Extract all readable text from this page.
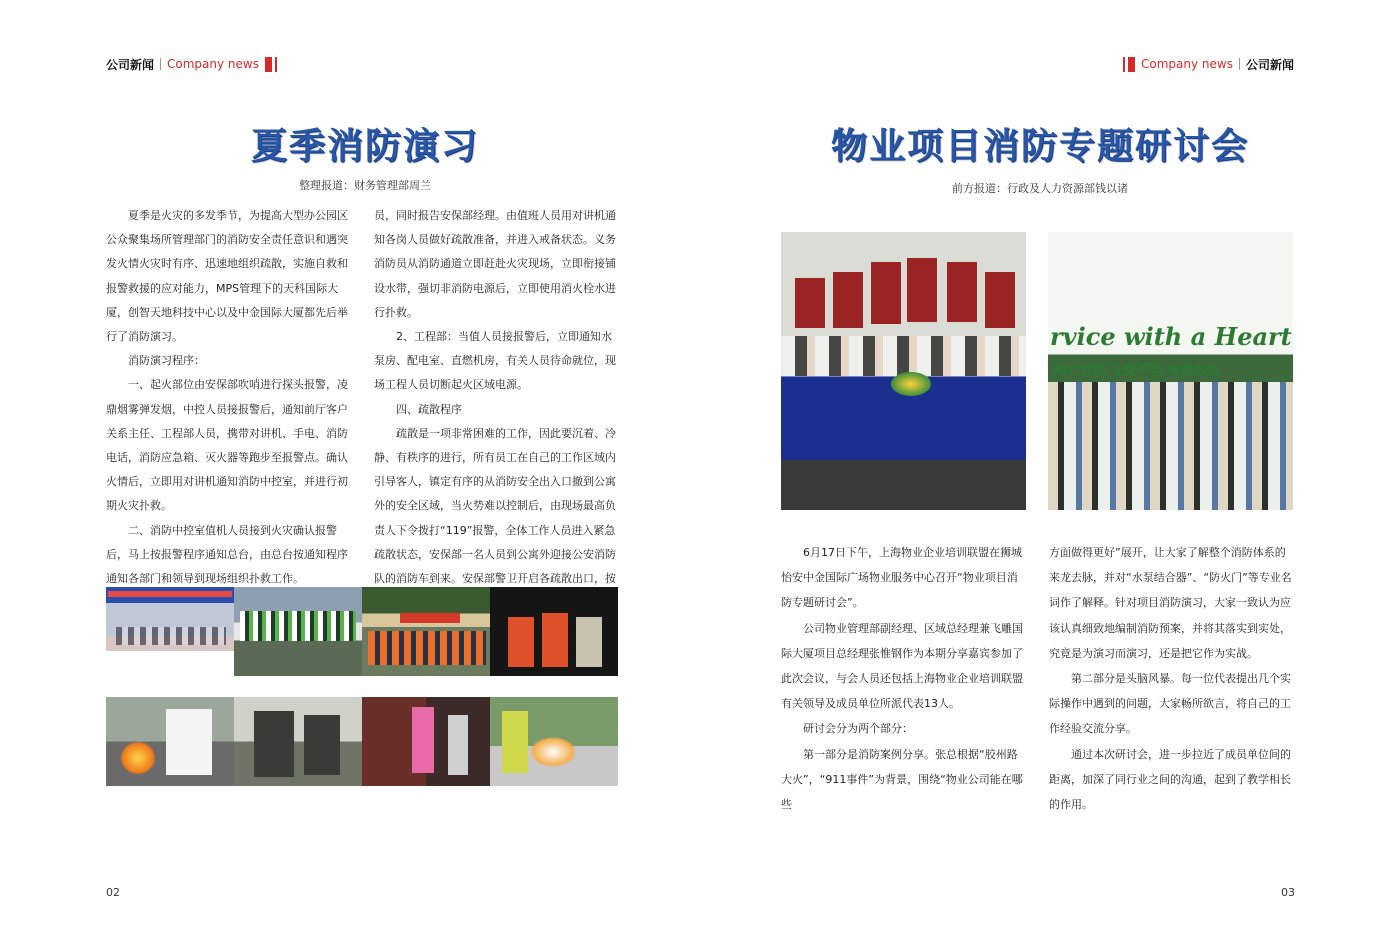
公司新闻 Company news	Company news 公司新闻
夏季消防演习
整理报道：财务管理部周兰
物业项目消防专题研讨会
前方报道：行政及人力资源部钱以诸

夏季是火灾的多发季节，为提高大型办公园区公众聚集场所管理部门的消防安全责任意识和遇突发火情火灾时有序、迅速地组织疏散，实施自救和报警救援的应对能力，MPS管理下的天科国际大厦，创智天地科技中心以及中金国际大厦都先后举行了消防演习。

消防演习程序：

一、起火部位由安保部吹哨进行探头报警，凌鼎烟雾弹发烟，中控人员接报警后，通知前厅客户关系主任、工程部人员，携带对讲机、手电、消防电话，消防应急箱、灭火器等跑步至报警点。确认火情后，立即用对讲机通知消防中控室，并进行初期火灾扑救。

二、消防中控室值机人员接到火灾确认报警后，马上按报警程序通知总台，由总台按通知程序通知各部门和领导到现场组织扑救工作。

员，同时报告安保部经理。由值班人员用对讲机通知各岗人员做好疏散准备，并进入戒备状态。义务消防员从消防通道立即赶赴火灾现场，立即衔接铺设水带，强切非消防电源后，立即使用消火栓水进行扑救。

2、工程部：当值人员接报警后，立即通知水泵房、配电室、直燃机房，有关人员待命就位，现场工程人员切断起火区域电源。

四、疏散程序

疏散是一项非常困难的工作，因此要沉着、冷静、有秩序的进行，所有员工在自己的工作区域内引导客人，镇定有序的从消防安全出入口撤到公寓外的安全区域，当火势难以控制后，由现场最高负责人下令拨打“119”报警，全体工作人员进入紧急疏散状态，安保部一名人员到公寓外迎接公安消防队的消防车到来。安保部警卫开启各疏散出口，按

rvice with a Heart
用心发现 无微不至 尽善尽美

6月17日下午，上海物业企业培训联盟在狮城怡安中金国际广场物业服务中心召开“物业项目消防专题研讨会”。

公司物业管理部副经理、区域总经理兼飞雕国际大厦项目总经理张惟钢作为本期分享嘉宾参加了此次会议，与会人员还包括上海物业企业培训联盟有关领导及成员单位所派代表13人。

研讨会分为两个部分：

第一部分是消防案例分享。张总根据“胶州路大火”，“911事件”为背景，围绕“物业公司能在哪些

方面做得更好”展开，让大家了解整个消防体系的来龙去脉，并对“水泵结合器”、“防火门”等专业名词作了解释。针对项目消防演习，大家一致认为应该认真细致地编制消防预案，并将其落实到实处，究竟是为演习而演习，还是把它作为实战。

第二部分是头脑风暴。每一位代表提出几个实际操作中遇到的问题，大家畅所欲言，将自己的工作经验交流分享。

通过本次研讨会，进一步拉近了成员单位间的距离，加深了同行业之间的沟通，起到了教学相长的作用。

02	03
